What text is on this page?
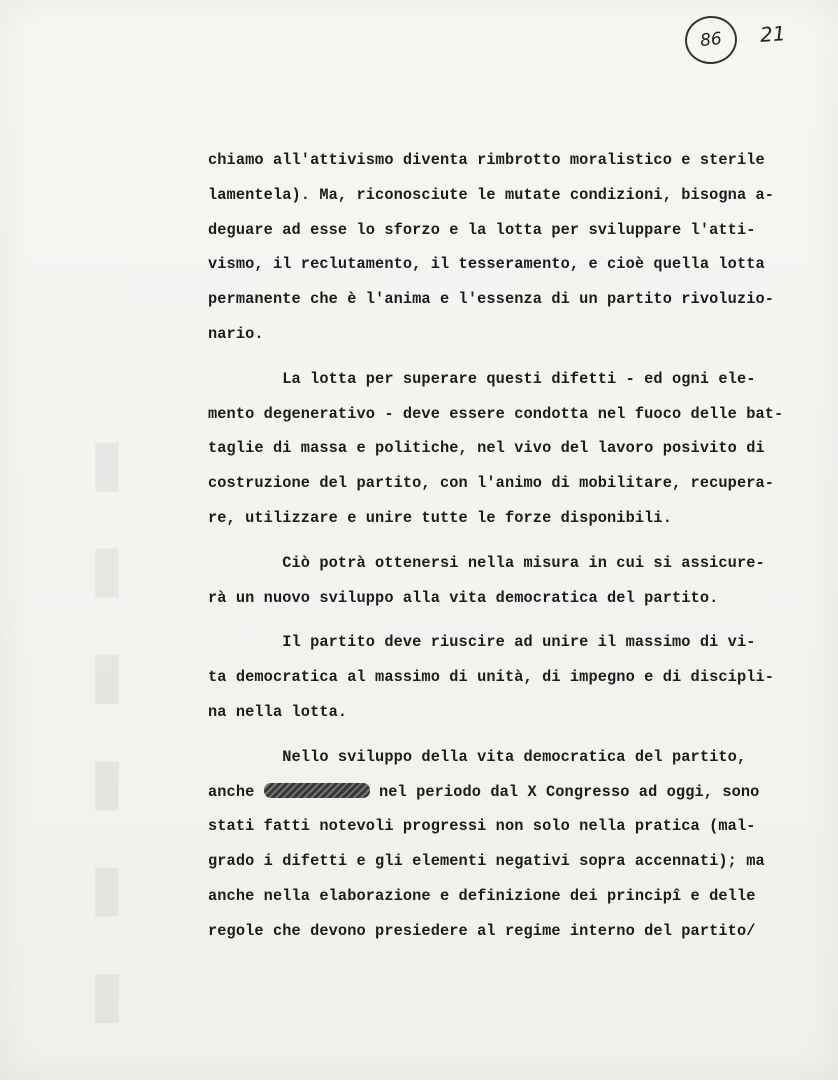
▮ ▮ ▮ ▮ ▮ ▮
86 21
chiamo all'attivismo diventa rimbrotto moralistico e sterile
lamentela). Ma, riconosciute le mutate condizioni, bisogna a-
deguare ad esse lo sforzo e la lotta per sviluppare l'atti-
vismo, il reclutamento, il tesseramento, e cioè quella lotta
permanente che è l'anima e l'essenza di un partito rivoluzio-
nario.
La lotta per superare questi difetti - ed ogni ele-
mento degenerativo - deve essere condotta nel fuoco delle bat-
taglie di massa e politiche, nel vivo del lavoro posivito di
costruzione del partito, con l'animo di mobilitare, recupera-
re, utilizzare e unire tutte le forze disponibili.
Ciò potrà ottenersi nella misura in cui si assicure-
rà un nuovo sviluppo alla vita democratica del partito.
Il partito deve riuscire ad unire il massimo di vi-
ta democratica al massimo di unità, di impegno e di discipli-
na nella lotta.
Nello sviluppo della vita democratica del partito,
anche	nel periodo dal X Congresso ad oggi, sono
stati fatti notevoli progressi non solo nella pratica (mal-
grado i difetti e gli elementi negativi sopra accennati); ma
anche nella elaborazione e definizione dei principî e delle
regole che devono presiedere al regime interno del partito/
